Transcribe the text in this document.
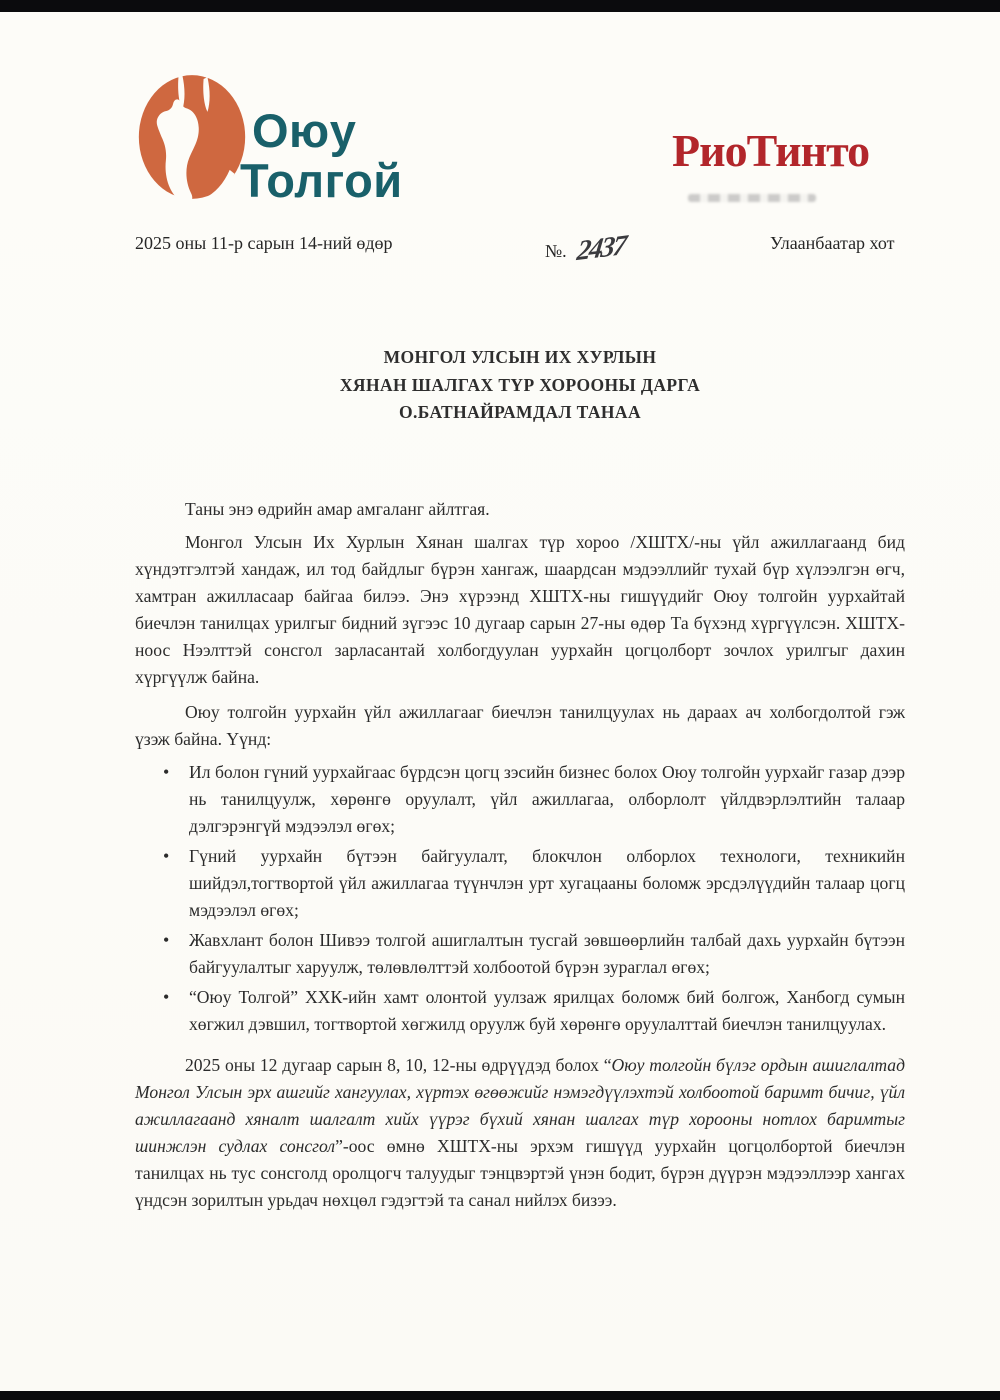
Оюу
Толгой
РиоТинто
2025 оны 11-р сарын 14-ний өдөр	№. 2437	Улаанбаатар хот
МОНГОЛ УЛСЫН ИХ ХУРЛЫН
ХЯНАН ШАЛГАХ ТҮР ХОРООНЫ ДАРГА
О.БАТНАЙРАМДАЛ ТАНАА

Таны энэ өдрийн амар амгаланг айлтгая.

Монгол Улсын Их Хурлын Хянан шалгах түр хороо /ХШТХ/-ны үйл ажиллагаанд бид хүндэтгэлтэй хандаж, ил тод байдлыг бүрэн хангаж, шаардсан мэдээллийг тухай бүр хүлээлгэн өгч, хамтран ажилласаар байгаа билээ. Энэ хүрээнд ХШТХ-ны гишүүдийг Оюу толгойн уурхайтай биечлэн танилцах урилгыг бидний зүгээс 10 дугаар сарын 27-ны өдөр Та бүхэнд хүргүүлсэн. ХШТХ-ноос Нээлттэй сонсгол зарласантай холбогдуулан уурхайн цогцолборт зочлох урилгыг дахин хүргүүлж байна.

Оюу толгойн уурхайн үйл ажиллагааг биечлэн танилцуулах нь дараах ач холбогдолтой гэж үзэж байна. Үүнд:

• Ил болон гүний уурхайгаас бүрдсэн цогц зэсийн бизнес болох Оюу толгойн уурхайг газар дээр нь танилцуулж, хөрөнгө оруулалт, үйл ажиллагаа, олборлолт үйлдвэрлэлтийн талаар дэлгэрэнгүй мэдээлэл өгөх;
• Гүний уурхайн бүтээн байгуулалт, блокчлон олборлох технологи, техникийн шийдэл,тогтвортой үйл ажиллагаа түүнчлэн урт хугацааны боломж эрсдэлүүдийн талаар цогц мэдээлэл өгөх;
• Жавхлант болон Шивээ толгой ашиглалтын тусгай зөвшөөрлийн талбай дахь уурхайн бүтээн байгуулалтыг харуулж, төлөвлөлттэй холбоотой бүрэн зураглал өгөх;
• “Оюу Толгой” ХХК-ийн хамт олонтой уулзаж ярилцах боломж бий болгож, Ханбогд сумын хөгжил дэвшил, тогтвортой хөгжилд оруулж буй хөрөнгө оруулалттай биечлэн танилцуулах.

2025 оны 12 дугаар сарын 8, 10, 12-ны өдрүүдэд болох “Оюу толгойн бүлэг ордын ашиглалтад Монгол Улсын эрх ашгийг хангуулах, хүртэх өгөөжийг нэмэгдүүлэхтэй холбоотой баримт бичиг, үйл ажиллагаанд хяналт шалгалт хийх үүрэг бүхий хянан шалгах түр хорооны нотлох баримтыг шинжлэн судлах сонсгол”-оос өмнө ХШТХ-ны эрхэм гишүүд уурхайн цогцолбортой биечлэн танилцах нь тус сонсголд оролцогч талуудыг тэнцвэртэй үнэн бодит, бүрэн дүүрэн мэдээллээр хангах үндсэн зорилтын урьдач нөхцөл гэдэгтэй та санал нийлэх бизээ.
